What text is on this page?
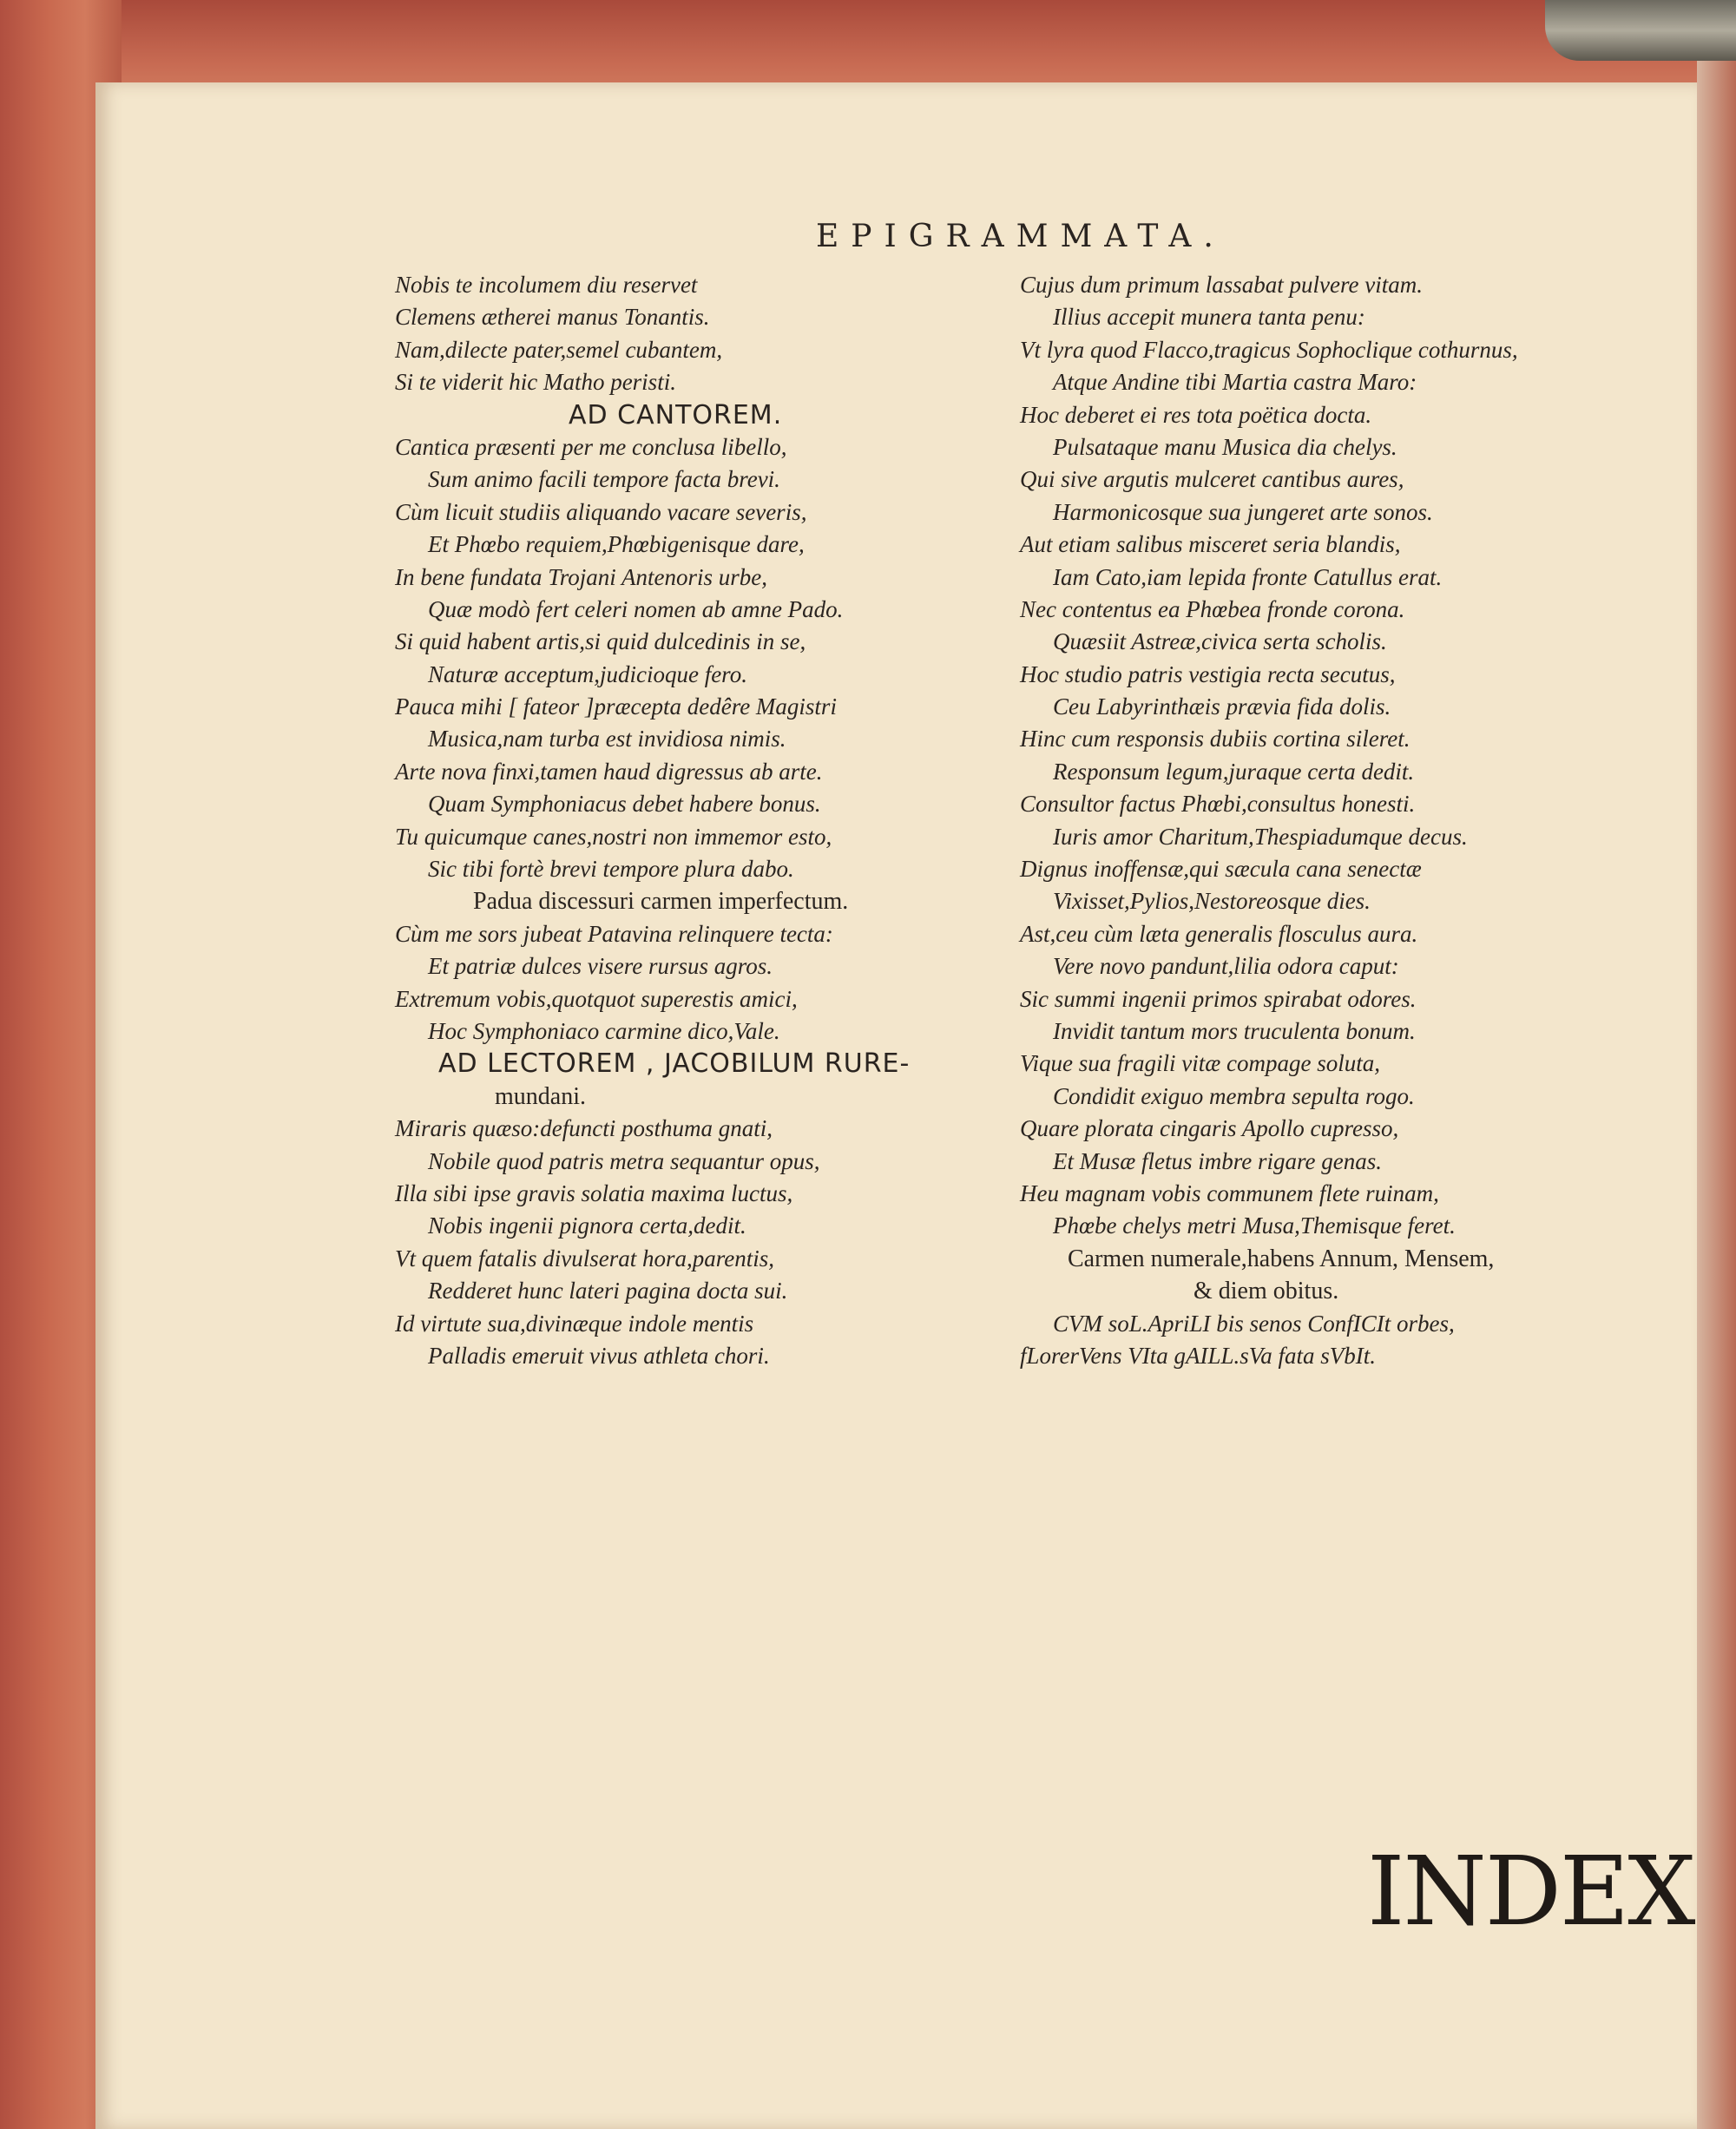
EPIGRAMMATA.
Nobis te incolumem diu reservet
Clemens ætherei manus Tonantis.
Nam,dilecte pater,semel cubantem,
Si te viderit hic Matho peristi.
AD CANTOREM.
Cantica præsenti per me conclusa libello,
Sum animo facili tempore facta brevi.
Cùm licuit studiis aliquando vacare severis,
Et Phœbo requiem,Phœbigenisque dare,
In bene fundata Trojani Antenoris urbe,
Quæ modò fert celeri nomen ab amne Pado.
Si quid habent artis,si quid dulcedinis in se,
Naturæ acceptum,judicioque fero.
Pauca mihi [ fateor ]præcepta dedêre Magistri
Musica,nam turba est invidiosa nimis.
Arte nova finxi,tamen haud digressus ab arte.
Quam Symphoniacus debet habere bonus.
Tu quicumque canes,nostri non immemor esto,
Sic tibi fortè brevi tempore plura dabo.
Padua discessuri carmen imperfectum.
Cùm me sors jubeat Patavina relinquere tecta:
Et patriæ dulces visere rursus agros.
Extremum vobis,quotquot superestis amici,
Hoc Symphoniaco carmine dico,Vale.
AD LECTOREM , JACOBILUM RURE-
mundani.
Miraris quæso:defuncti posthuma gnati,
Nobile quod patris metra sequantur opus,
Illa sibi ipse gravis solatia maxima luctus,
Nobis ingenii pignora certa,dedit.
Vt quem fatalis divulserat hora,parentis,
Redderet hunc lateri pagina docta sui.
Id virtute sua,divinæque indole mentis
Palladis emeruit vivus athleta chori.
Cujus dum primum lassabat pulvere vitam.
Illius accepit munera tanta penu:
Vt lyra quod Flacco,tragicus Sophoclique cothurnus,
Atque Andine tibi Martia castra Maro:
Hoc deberet ei res tota poëtica docta.
Pulsataque manu Musica dia chelys.
Qui sive argutis mulceret cantibus aures,
Harmonicosque sua jungeret arte sonos.
Aut etiam salibus misceret seria blandis,
Iam Cato,iam lepida fronte Catullus erat.
Nec contentus ea Phœbea fronde corona.
Quæsiit Astreæ,civica serta scholis.
Hoc studio patris vestigia recta secutus,
Ceu Labyrinthæis prævia fida dolis.
Hinc cum responsis dubiis cortina sileret.
Responsum legum,juraque certa dedit.
Consultor factus Phœbi,consultus honesti.
Iuris amor Charitum,Thespiadumque decus.
Dignus inoffensæ,qui sæcula cana senectæ
Vixisset,Pylios,Nestoreosque dies.
Ast,ceu cùm læta generalis flosculus aura.
Vere novo pandunt,lilia odora caput:
Sic summi ingenii primos spirabat odores.
Invidit tantum mors truculenta bonum.
Vique sua fragili vitæ compage soluta,
Condidit exiguo membra sepulta rogo.
Quare plorata cingaris Apollo cupresso,
Et Musæ fletus imbre rigare genas.
Heu magnam vobis communem flete ruinam,
Phœbe chelys metri Musa,Themisque feret.
Carmen numerale,habens Annum, Mensem,
& diem obitus.
CVM soL.ApriLI bis senos ConfICIt orbes,
fLorerVens VIta gAILL.sVa fata sVbIt.
INDEX
